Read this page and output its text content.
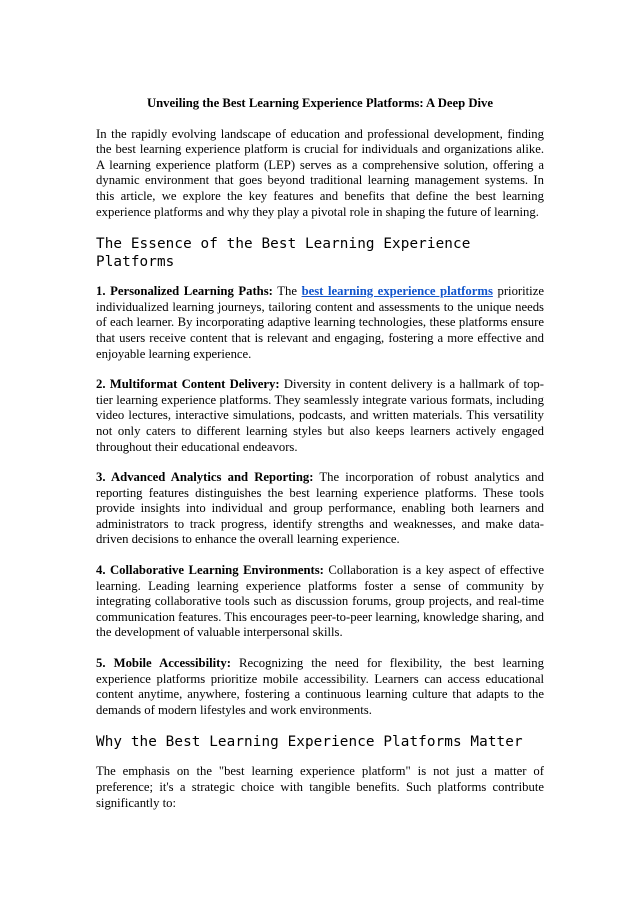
Unveiling the Best Learning Experience Platforms: A Deep Dive

In the rapidly evolving landscape of education and professional development, finding the best learning experience platform is crucial for individuals and organizations alike. A learning experience platform (LEP) serves as a comprehensive solution, offering a dynamic environment that goes beyond traditional learning management systems. In this article, we explore the key features and benefits that define the best learning experience platforms and why they play a pivotal role in shaping the future of learning.

The Essence of the Best Learning Experience Platforms

1. Personalized Learning Paths: The best learning experience platforms prioritize individualized learning journeys, tailoring content and assessments to the unique needs of each learner. By incorporating adaptive learning technologies, these platforms ensure that users receive content that is relevant and engaging, fostering a more effective and enjoyable learning experience.

2. Multiformat Content Delivery: Diversity in content delivery is a hallmark of top-tier learning experience platforms. They seamlessly integrate various formats, including video lectures, interactive simulations, podcasts, and written materials. This versatility not only caters to different learning styles but also keeps learners actively engaged throughout their educational endeavors.

3. Advanced Analytics and Reporting: The incorporation of robust analytics and reporting features distinguishes the best learning experience platforms. These tools provide insights into individual and group performance, enabling both learners and administrators to track progress, identify strengths and weaknesses, and make data-driven decisions to enhance the overall learning experience.

4. Collaborative Learning Environments: Collaboration is a key aspect of effective learning. Leading learning experience platforms foster a sense of community by integrating collaborative tools such as discussion forums, group projects, and real-time communication features. This encourages peer-to-peer learning, knowledge sharing, and the development of valuable interpersonal skills.

5. Mobile Accessibility: Recognizing the need for flexibility, the best learning experience platforms prioritize mobile accessibility. Learners can access educational content anytime, anywhere, fostering a continuous learning culture that adapts to the demands of modern lifestyles and work environments.

Why the Best Learning Experience Platforms Matter

The emphasis on the "best learning experience platform" is not just a matter of preference; it's a strategic choice with tangible benefits. Such platforms contribute significantly to:
